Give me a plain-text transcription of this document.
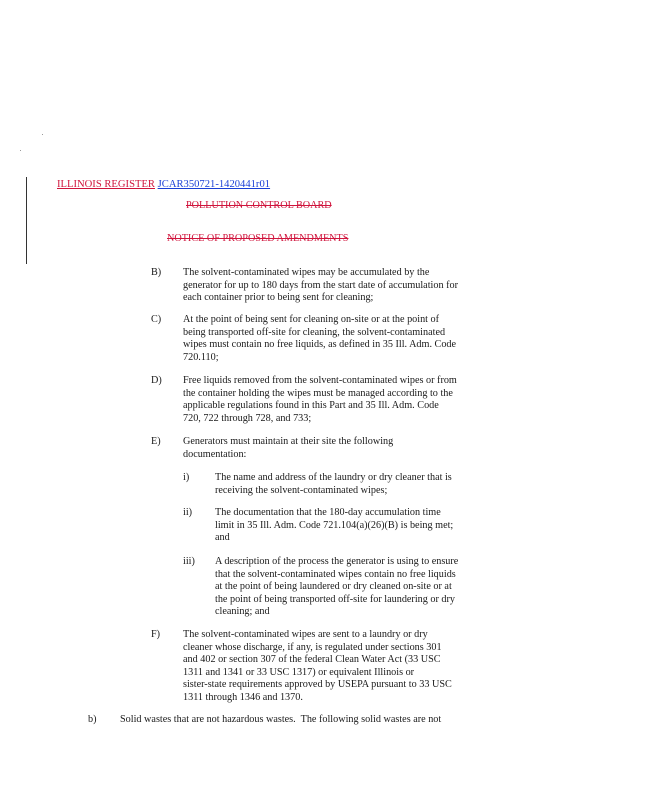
ILLINOIS REGISTER JCAR350721-1420441r01
POLLUTION CONTROL BOARD
NOTICE OF PROPOSED AMENDMENTS
B) The solvent-contaminated wipes may be accumulated by the
generator for up to 180 days from the start date of accumulation for
each container prior to being sent for cleaning;
C) At the point of being sent for cleaning on-site or at the point of
being transported off-site for cleaning, the solvent-contaminated
wipes must contain no free liquids, as defined in 35 Ill. Adm. Code
720.110;
D) Free liquids removed from the solvent-contaminated wipes or from
the container holding the wipes must be managed according to the
applicable regulations found in this Part and 35 Ill. Adm. Code
720, 722 through 728, and 733;
E) Generators must maintain at their site the following
documentation:
i)	The name and address of the laundry or dry cleaner that is
receiving the solvent-contaminated wipes;
ii) The documentation that the 180-day accumulation time
limit in 35 Ill. Adm. Code 721.104(a)(26)(B) is being met;
and
iii) A description of the process the generator is using to ensure
that the solvent-contaminated wipes contain no free liquids
at the point of being laundered or dry cleaned on-site or at
the point of being transported off-site for laundering or dry
cleaning; and
F) The solvent-contaminated wipes are sent to a laundry or dry
cleaner whose discharge, if any, is regulated under sections 301
and 402 or section 307 of the federal Clean Water Act (33 USC
1311 and 1341 or 33 USC 1317) or equivalent Illinois or
sister-state requirements approved by USEPA pursuant to 33 USC
1311 through 1346 and 1370.
b) Solid wastes that are not hazardous wastes.  The following solid wastes are not
